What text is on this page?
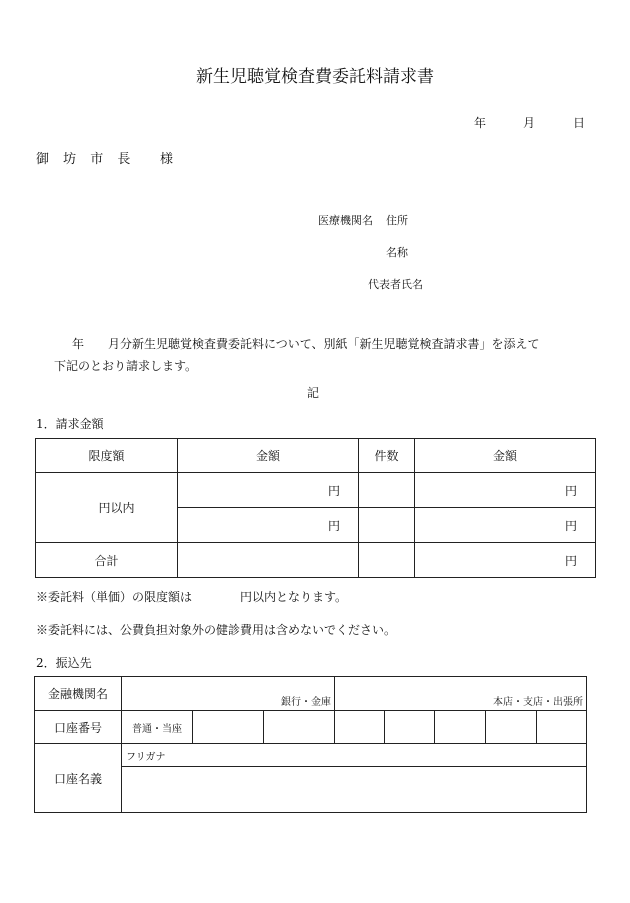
新生児聴覚検査費委託料請求書
年	月	日
御 坊 市 長 様
医療機関名 住所
名称
代表者氏名
年 月分新生児聴覚検査費委託料について、別紙「新生児聴覚検査請求書」を添えて
下記のとおり請求します。
記
1．請求金額
限度額	金額	件数	金額
円以内	円		円
	円		円
合計			円
※委託料（単価）の限度額は　　　　円以内となります。
※委託料には、公費負担対象外の健診費用は含めないでください。
2．振込先
金融機関名	銀行・金庫			本店・支店・出張所				
口座番号	普通・当座							
口座名義	フリガナ							
